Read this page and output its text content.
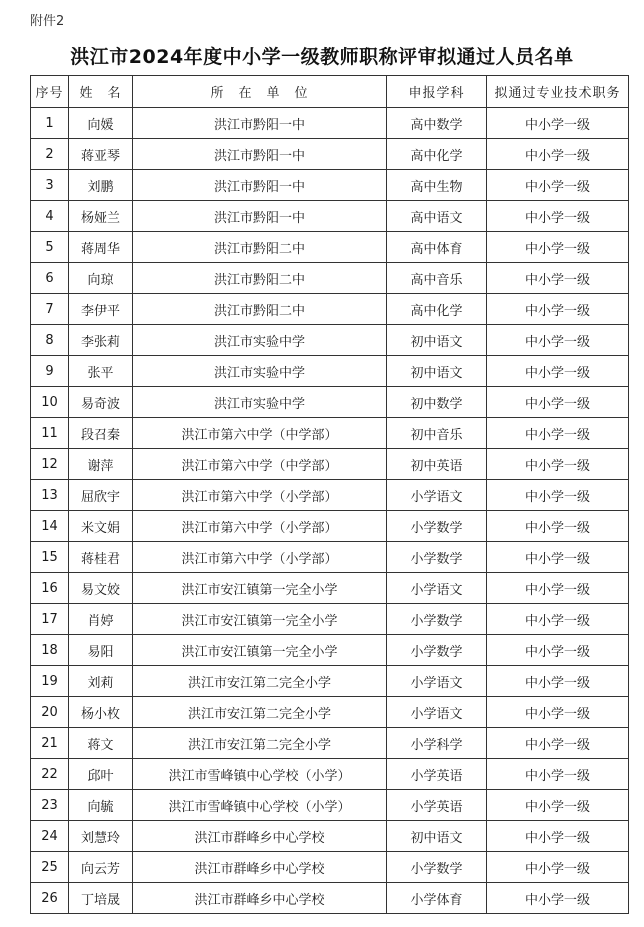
附件2
洪江市2024年度中小学一级教师职称评审拟通过人员名单
序号	姓　名	所　在　单　位	申报学科	拟通过专业技术职务
1	向媛	洪江市黔阳一中	高中数学	中小学一级
2	蒋亚琴	洪江市黔阳一中	高中化学	中小学一级
3	刘鹏	洪江市黔阳一中	高中生物	中小学一级
4	杨娅兰	洪江市黔阳一中	高中语文	中小学一级
5	蒋周华	洪江市黔阳二中	高中体育	中小学一级
6	向琼	洪江市黔阳二中	高中音乐	中小学一级
7	李伊平	洪江市黔阳二中	高中化学	中小学一级
8	李张莉	洪江市实验中学	初中语文	中小学一级
9	张平	洪江市实验中学	初中语文	中小学一级
10	易奇波	洪江市实验中学	初中数学	中小学一级
11	段召秦	洪江市第六中学（中学部）	初中音乐	中小学一级
12	谢萍	洪江市第六中学（中学部）	初中英语	中小学一级
13	屈欣宇	洪江市第六中学（小学部）	小学语文	中小学一级
14	米文娟	洪江市第六中学（小学部）	小学数学	中小学一级
15	蒋桂君	洪江市第六中学（小学部）	小学数学	中小学一级
16	易文姣	洪江市安江镇第一完全小学	小学语文	中小学一级
17	肖婷	洪江市安江镇第一完全小学	小学数学	中小学一级
18	易阳	洪江市安江镇第一完全小学	小学数学	中小学一级
19	刘莉	洪江市安江第二完全小学	小学语文	中小学一级
20	杨小枚	洪江市安江第二完全小学	小学语文	中小学一级
21	蒋文	洪江市安江第二完全小学	小学科学	中小学一级
22	邱叶	洪江市雪峰镇中心学校（小学）	小学英语	中小学一级
23	向毓	洪江市雪峰镇中心学校（小学）	小学英语	中小学一级
24	刘慧玲	洪江市群峰乡中心学校	初中语文	中小学一级
25	向云芳	洪江市群峰乡中心学校	小学数学	中小学一级
26	丁培晟	洪江市群峰乡中心学校	小学体育	中小学一级
